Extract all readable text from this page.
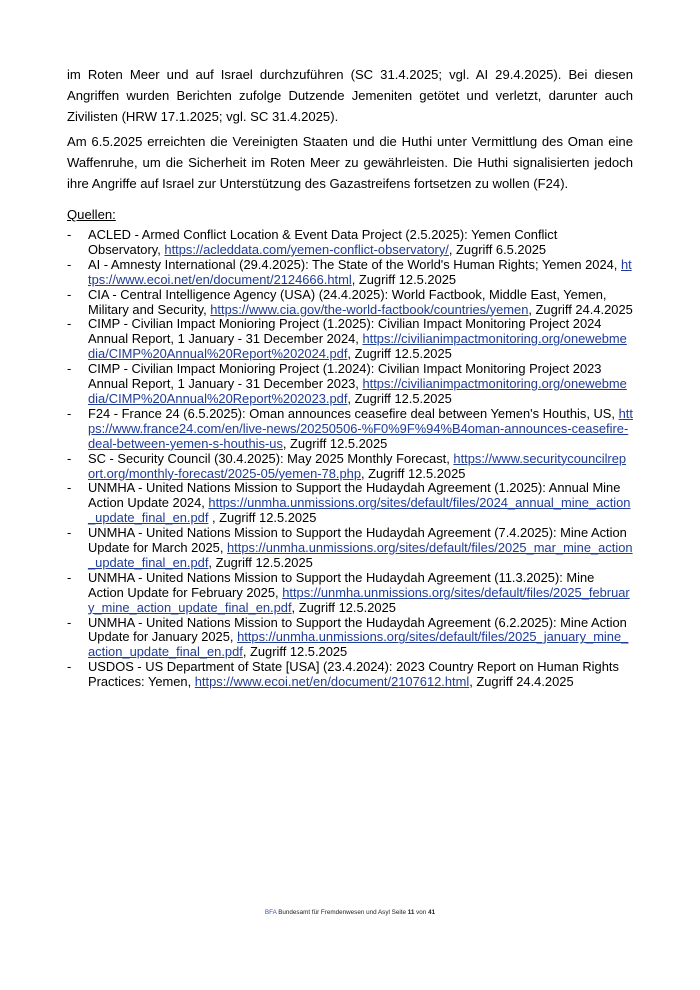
im Roten Meer und auf Israel durchzuführen (SC 31.4.2025; vgl. AI 29.4.2025). Bei diesen Angriffen wurden Berichten zufolge Dutzende Jemeniten getötet und verletzt, darunter auch Zivilisten (HRW 17.1.2025; vgl. SC 31.4.2025).

Am 6.5.2025 erreichten die Vereinigten Staaten und die Huthi unter Vermittlung des Oman eine Waffenruhe, um die Sicherheit im Roten Meer zu gewährleisten. Die Huthi signalisierten jedoch ihre Angriffe auf Israel zur Unterstützung des Gazastreifens fortsetzen zu wollen (F24).

Quellen:
- ACLED - Armed Conflict Location & Event Data Project (2.5.2025): Yemen Conflict Observatory, https://acleddata.com/yemen-conflict-observatory/, Zugriff 6.5.2025
- AI - Amnesty International (29.4.2025): The State of the World's Human Rights; Yemen 2024, https://www.ecoi.net/en/document/2124666.html, Zugriff 12.5.2025
- CIA - Central Intelligence Agency (USA) (24.4.2025): World Factbook, Middle East, Yemen, Military and Security, https://www.cia.gov/the-world-factbook/countries/yemen, Zugriff 24.4.2025
- CIMP - Civilian Impact Monioring Project (1.2025): Civilian Impact Monitoring Project 2024 Annual Report, 1 January - 31 December 2024, https://civilianimpactmonitoring.org/onewebmedia/CIMP%20Annual%20Report%202024.pdf, Zugriff 12.5.2025
- CIMP - Civilian Impact Monioring Project (1.2024): Civilian Impact Monitoring Project 2023 Annual Report, 1 January - 31 December 2023, https://civilianimpactmonitoring.org/onewebmedia/CIMP%20Annual%20Report%202023.pdf, Zugriff 12.5.2025
- F24 - France 24 (6.5.2025): Oman announces ceasefire deal between Yemen's Houthis, US, https://www.france24.com/en/live-news/20250506-%F0%9F%94%B4oman-announces-ceasefire-deal-between-yemen-s-houthis-us, Zugriff 12.5.2025
- SC - Security Council (30.4.2025): May 2025 Monthly Forecast, https://www.securitycouncilreport.org/monthly-forecast/2025-05/yemen-78.php, Zugriff 12.5.2025
- UNMHA - United Nations Mission to Support the Hudaydah Agreement (1.2025): Annual Mine Action Update 2024, https://unmha.unmissions.org/sites/default/files/2024_annual_mine_action_update_final_en.pdf , Zugriff 12.5.2025
- UNMHA - United Nations Mission to Support the Hudaydah Agreement (7.4.2025): Mine Action Update for March 2025, https://unmha.unmissions.org/sites/default/files/2025_mar_mine_action_update_final_en.pdf, Zugriff 12.5.2025
- UNMHA - United Nations Mission to Support the Hudaydah Agreement (11.3.2025): Mine Action Update for February 2025, https://unmha.unmissions.org/sites/default/files/2025_february_mine_action_update_final_en.pdf, Zugriff 12.5.2025
- UNMHA - United Nations Mission to Support the Hudaydah Agreement (6.2.2025): Mine Action Update for January 2025, https://unmha.unmissions.org/sites/default/files/2025_january_mine_action_update_final_en.pdf, Zugriff 12.5.2025
- USDOS - US Department of State [USA] (23.4.2024): 2023 Country Report on Human Rights Practices: Yemen, https://www.ecoi.net/en/document/2107612.html, Zugriff 24.4.2025
BFA Bundesamt für Fremdenwesen und Asyl Seite 11 von 41
